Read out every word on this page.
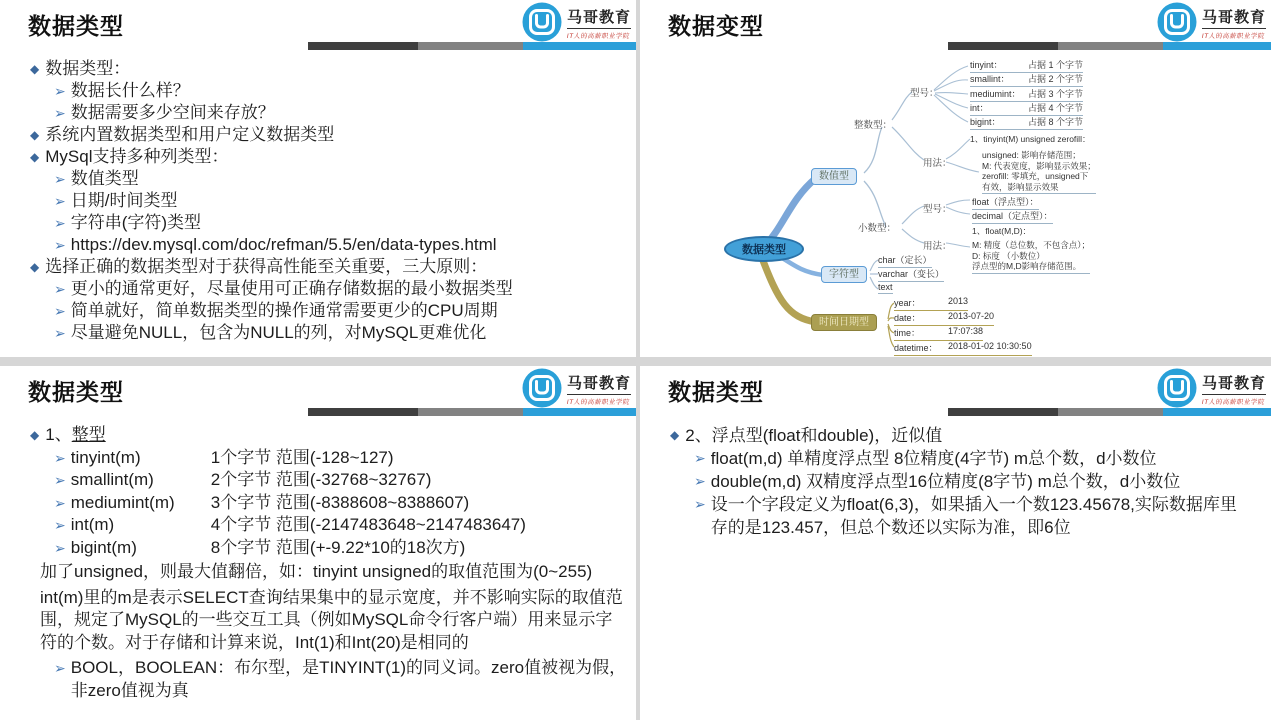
数据类型	马哥教育
IT人的高薪职业学院
◆ 数据类型：
➢ 数据长什么样？
➢ 数据需要多少空间来存放？
◆ 系统内置数据类型和用户定义数据类型
◆ MySql支持多种列类型：
➢ 数值类型
➢ 日期/时间类型
➢ 字符串(字符)类型
➢ https://dev.mysql.com/doc/refman/5.5/en/data-types.html
◆ 选择正确的数据类型对于获得高性能至关重要，三大原则：
➢ 更小的通常更好，尽量使用可正确存储数据的最小数据类型
➢ 简单就好，简单数据类型的操作通常需要更少的CPU周期
➢ 尽量避免NULL，包含为NULL的列，对MySQL更难优化
数据变型	马哥教育
IT人的高薪职业学院
数据类型
数值型
字符型
时间日期型
整数型：
小数型：
型号：
用法：
型号：
用法：
tinyint：	占据 1 个字节
smallint：	占据 2 个字节
mediumint： 占据 3 个字节
int：	占据 4 个字节
bigint：	占据 8 个字节
1、tinyint(M) unsigned zerofill：
unsigned: 影响存储范围；
M: 代表宽度，影响显示效果；
zerofill: 零填充，unsigned下
有效，影响显示效果
float（浮点型）：
decimal（定点型）：
1、float(M,D)：
M: 精度（总位数，不包含点）；
D: 标度 （小数位）
浮点型的M,D影响存储范围。
char（定长）
varchar（变长）
text
year：	2013
date：	2013-07-20
time：	17:07:38
datetime：	2018-01-02 10:30:50
数据类型	马哥教育
IT人的高薪职业学院
◆ 1、 整型
➢ tinyint(m)	1个字节 范围(-128~127)
➢ smallint(m)	2个字节 范围(-32768~32767)
➢ mediumint(m)	3个字节 范围(-8388608~8388607)
➢ int(m)	4个字节 范围(-2147483648~2147483647)
➢ bigint(m)	8个字节 范围(+-9.22*10的18次方)
加了unsigned，则最大值翻倍，如：tinyint unsigned的取值范围为(0~255)
int(m)里的m是表示SELECT查询结果集中的显示宽度，并不影响实际的取值范围，规定了MySQL的一些交互工具（例如MySQL命令行客户端）用来显示字符的个数。对于存储和计算来说，Int(1)和Int(20)是相同的
➢ BOOL，BOOLEAN：布尔型，是TINYINT(1)的同义词。zero值被视为假，非zero值视为真
数据类型	马哥教育
IT人的高薪职业学院
◆ 2、浮点型(float和double)，近似值
➢ float(m,d) 单精度浮点型 8位精度(4字节) m总个数，d小数位
➢ double(m,d) 双精度浮点型16位精度(8字节) m总个数，d小数位
➢ 设一个字段定义为float(6,3)，如果插入一个数123.45678,实际数据库里存的是123.457，但总个数还以实际为准，即6位
